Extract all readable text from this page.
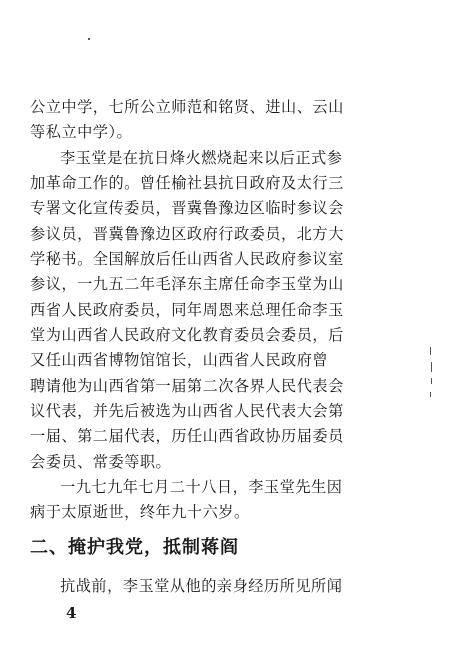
公立中学，七所公立师范和铭贤、进山、云山
等私立中学）。
李玉堂是在抗日烽火燃烧起来以后正式参
加革命工作的。曾任榆社县抗日政府及太行三
专署文化宣传委员，晋冀鲁豫边区临时参议会
参议员，晋冀鲁豫边区政府行政委员，北方大
学秘书。全国解放后任山西省人民政府参议室
参议，一九五二年毛泽东主席任命李玉堂为山
西省人民政府委员，同年周恩来总理任命李玉
堂为山西省人民政府文化教育委员会委员，后
又任山西省博物馆馆长，山西省人民政府曾
聘请他为山西省第一届第二次各界人民代表会
议代表，并先后被选为山西省人民代表大会第
一届、第二届代表，历任山西省政协历届委员
会委员、常委等职。
一九七九年七月二十八日，李玉堂先生因
病于太原逝世，终年九十六岁。
二、掩护我党，抵制蒋阎
抗战前，李玉堂从他的亲身经历所见所闻
4
